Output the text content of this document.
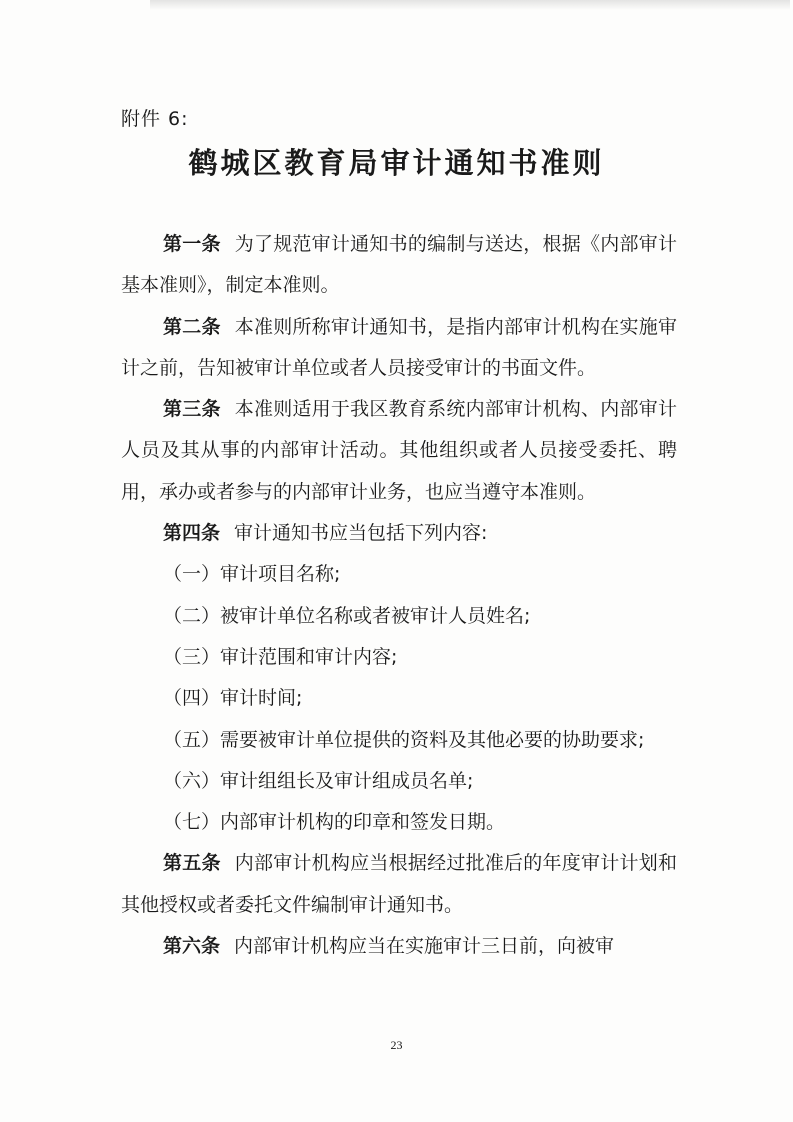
附件 6:
鹤城区教育局审计通知书准则

第一条 为了规范审计通知书的编制与送达，根据《内部审计基本准则》，制定本准则。

第二条 本准则所称审计通知书，是指内部审计机构在实施审计之前，告知被审计单位或者人员接受审计的书面文件。

第三条 本准则适用于我区教育系统内部审计机构、内部审计人员及其从事的内部审计活动。其他组织或者人员接受委托、聘用，承办或者参与的内部审计业务，也应当遵守本准则。

第四条 审计通知书应当包括下列内容:

（一）审计项目名称;

（二）被审计单位名称或者被审计人员姓名;

（三）审计范围和审计内容;

（四）审计时间;

（五）需要被审计单位提供的资料及其他必要的协助要求;

（六）审计组组长及审计组成员名单;

（七）内部审计机构的印章和签发日期。

第五条 内部审计机构应当根据经过批准后的年度审计计划和其他授权或者委托文件编制审计通知书。

第六条 内部审计机构应当在实施审计三日前，向被审

23
